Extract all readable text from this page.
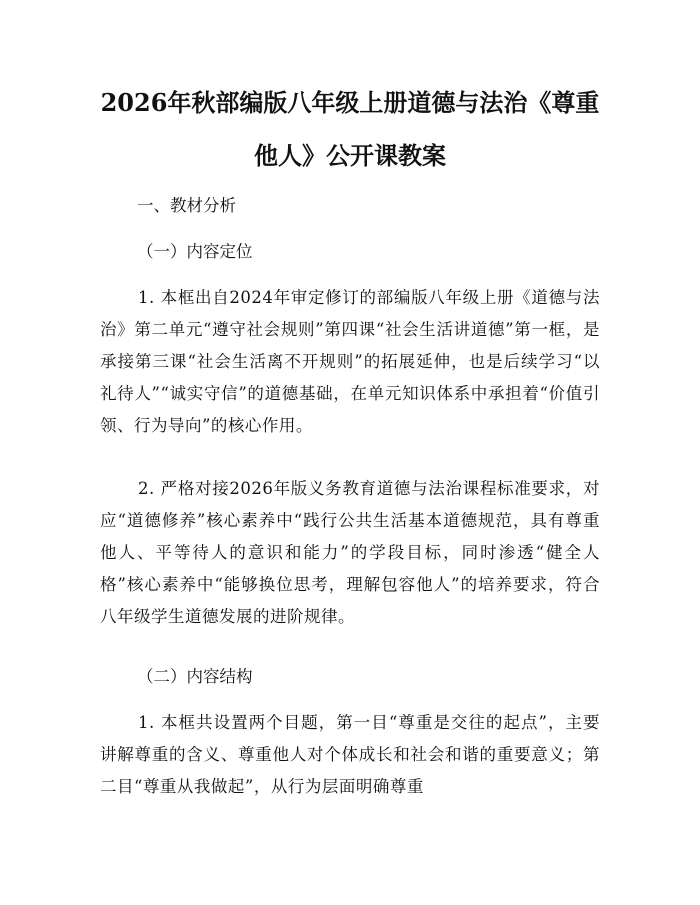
2026年秋部编版八年级上册道德与法治《尊重他人》公开课教案

一、教材分析

（一）内容定位

1. 本框出自2024年审定修订的部编版八年级上册《道德与法治》第二单元“遵守社会规则”第四课“社会生活讲道德”第一框，是承接第三课“社会生活离不开规则”的拓展延伸，也是后续学习“以礼待人”“诚实守信”的道德基础，在单元知识体系中承担着“价值引领、行为导向”的核心作用。

2. 严格对接2026年版义务教育道德与法治课程标准要求，对应“道德修养”核心素养中“践行公共生活基本道德规范，具有尊重他人、平等待人的意识和能力”的学段目标，同时渗透“健全人格”核心素养中“能够换位思考，理解包容他人”的培养要求，符合八年级学生道德发展的进阶规律。

（二）内容结构

1. 本框共设置两个目题，第一目“尊重是交往的起点”，主要讲解尊重的含义、尊重他人对个体成长和社会和谐的重要意义；第二目“尊重从我做起”，从行为层面明确尊重
